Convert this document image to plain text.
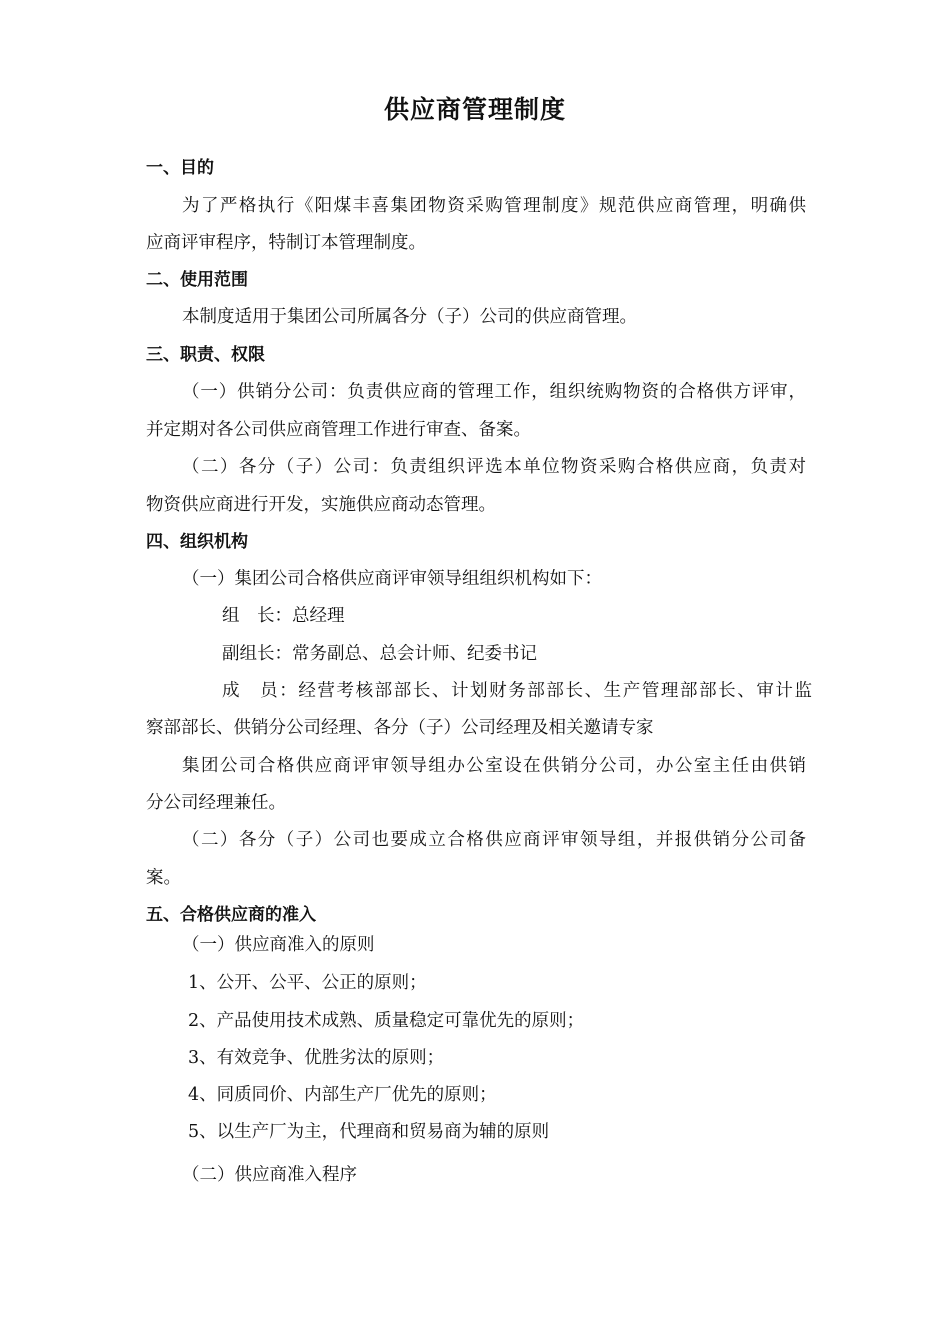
供应商管理制度
一、目的
为了严格执行《阳煤丰喜集团物资采购管理制度》规范供应商管理，明确供
应商评审程序，特制订本管理制度。
二、使用范围
本制度适用于集团公司所属各分（子）公司的供应商管理。
三、职责、权限
（一）供销分公司：负责供应商的管理工作，组织统购物资的合格供方评审，
并定期对各公司供应商管理工作进行审查、备案。
（二）各分（子）公司：负责组织评选本单位物资采购合格供应商，负责对
物资供应商进行开发，实施供应商动态管理。
四、组织机构
（一）集团公司合格供应商评审领导组组织机构如下：
组　长：总经理
副组长：常务副总、总会计师、纪委书记
成　员：经营考核部部长、计划财务部部长、生产管理部部长、审计监
察部部长、供销分公司经理、各分（子）公司经理及相关邀请专家
集团公司合格供应商评审领导组办公室设在供销分公司，办公室主任由供销
分公司经理兼任。
（二）各分（子）公司也要成立合格供应商评审领导组，并报供销分公司备
案。
五、合格供应商的准入
（一）供应商准入的原则
1、公开、公平、公正的原则；
2、产品使用技术成熟、质量稳定可靠优先的原则；
3、有效竞争、优胜劣汰的原则；
4、同质同价、内部生产厂优先的原则；
5、以生产厂为主，代理商和贸易商为辅的原则
（二）供应商准入程序
